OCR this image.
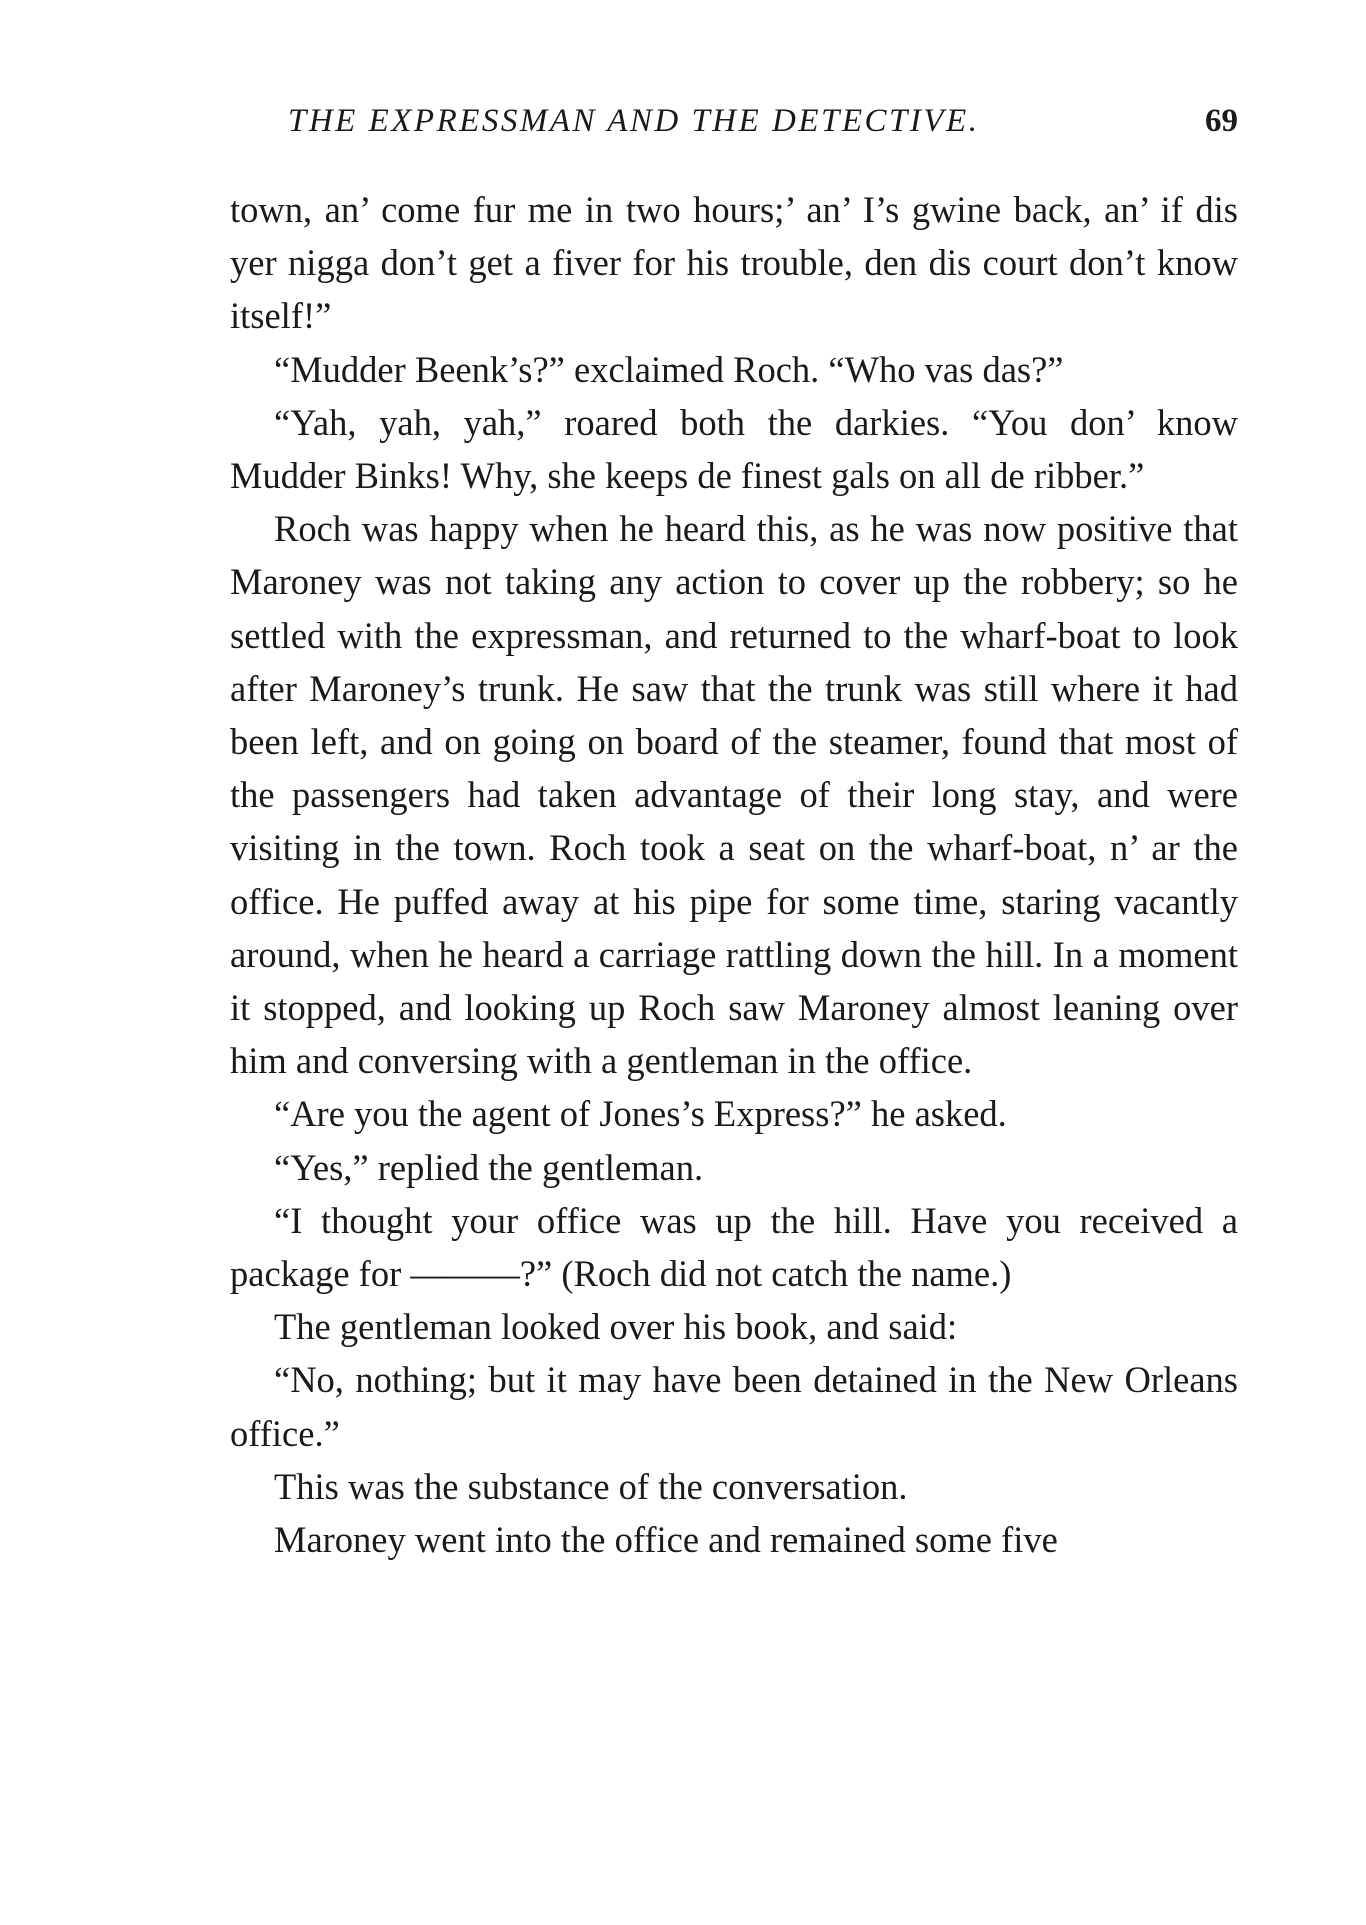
THE EXPRESSMAN AND THE DETECTIVE.	69

town, an’ come fur me in two hours;’ an’ I’s gwine back, an’ if dis yer nigga don’t get a fiver for his trouble, den dis court don’t know itself!”

“Mudder Beenk’s?” exclaimed Roch. “Who vas das?”

“Yah, yah, yah,” roared both the darkies. “You don’ know Mudder Binks! Why, she keeps de finest gals on all de ribber.”

Roch was happy when he heard this, as he was now positive that Maroney was not taking any action to cover up the robbery; so he settled with the expressman, and returned to the wharf-boat to look after Maroney’s trunk. He saw that the trunk was still where it had been left, and on going on board of the steamer, found that most of the passengers had taken advantage of their long stay, and were visiting in the town. Roch took a seat on the wharf-boat, n’ ar the office. He puffed away at his pipe for some time, staring vacantly around, when he heard a carriage rattling down the hill. In a moment it stopped, and looking up Roch saw Maroney almost leaning over him and conversing with a gentleman in the office.

“Are you the agent of Jones’s Express?” he asked.

“Yes,” replied the gentleman.

“I thought your office was up the hill. Have you received a package for ———?” (Roch did not catch the name.)

The gentleman looked over his book, and said:

“No, nothing; but it may have been detained in the New Orleans office.”

This was the substance of the conversation.

Maroney went into the office and remained some five
